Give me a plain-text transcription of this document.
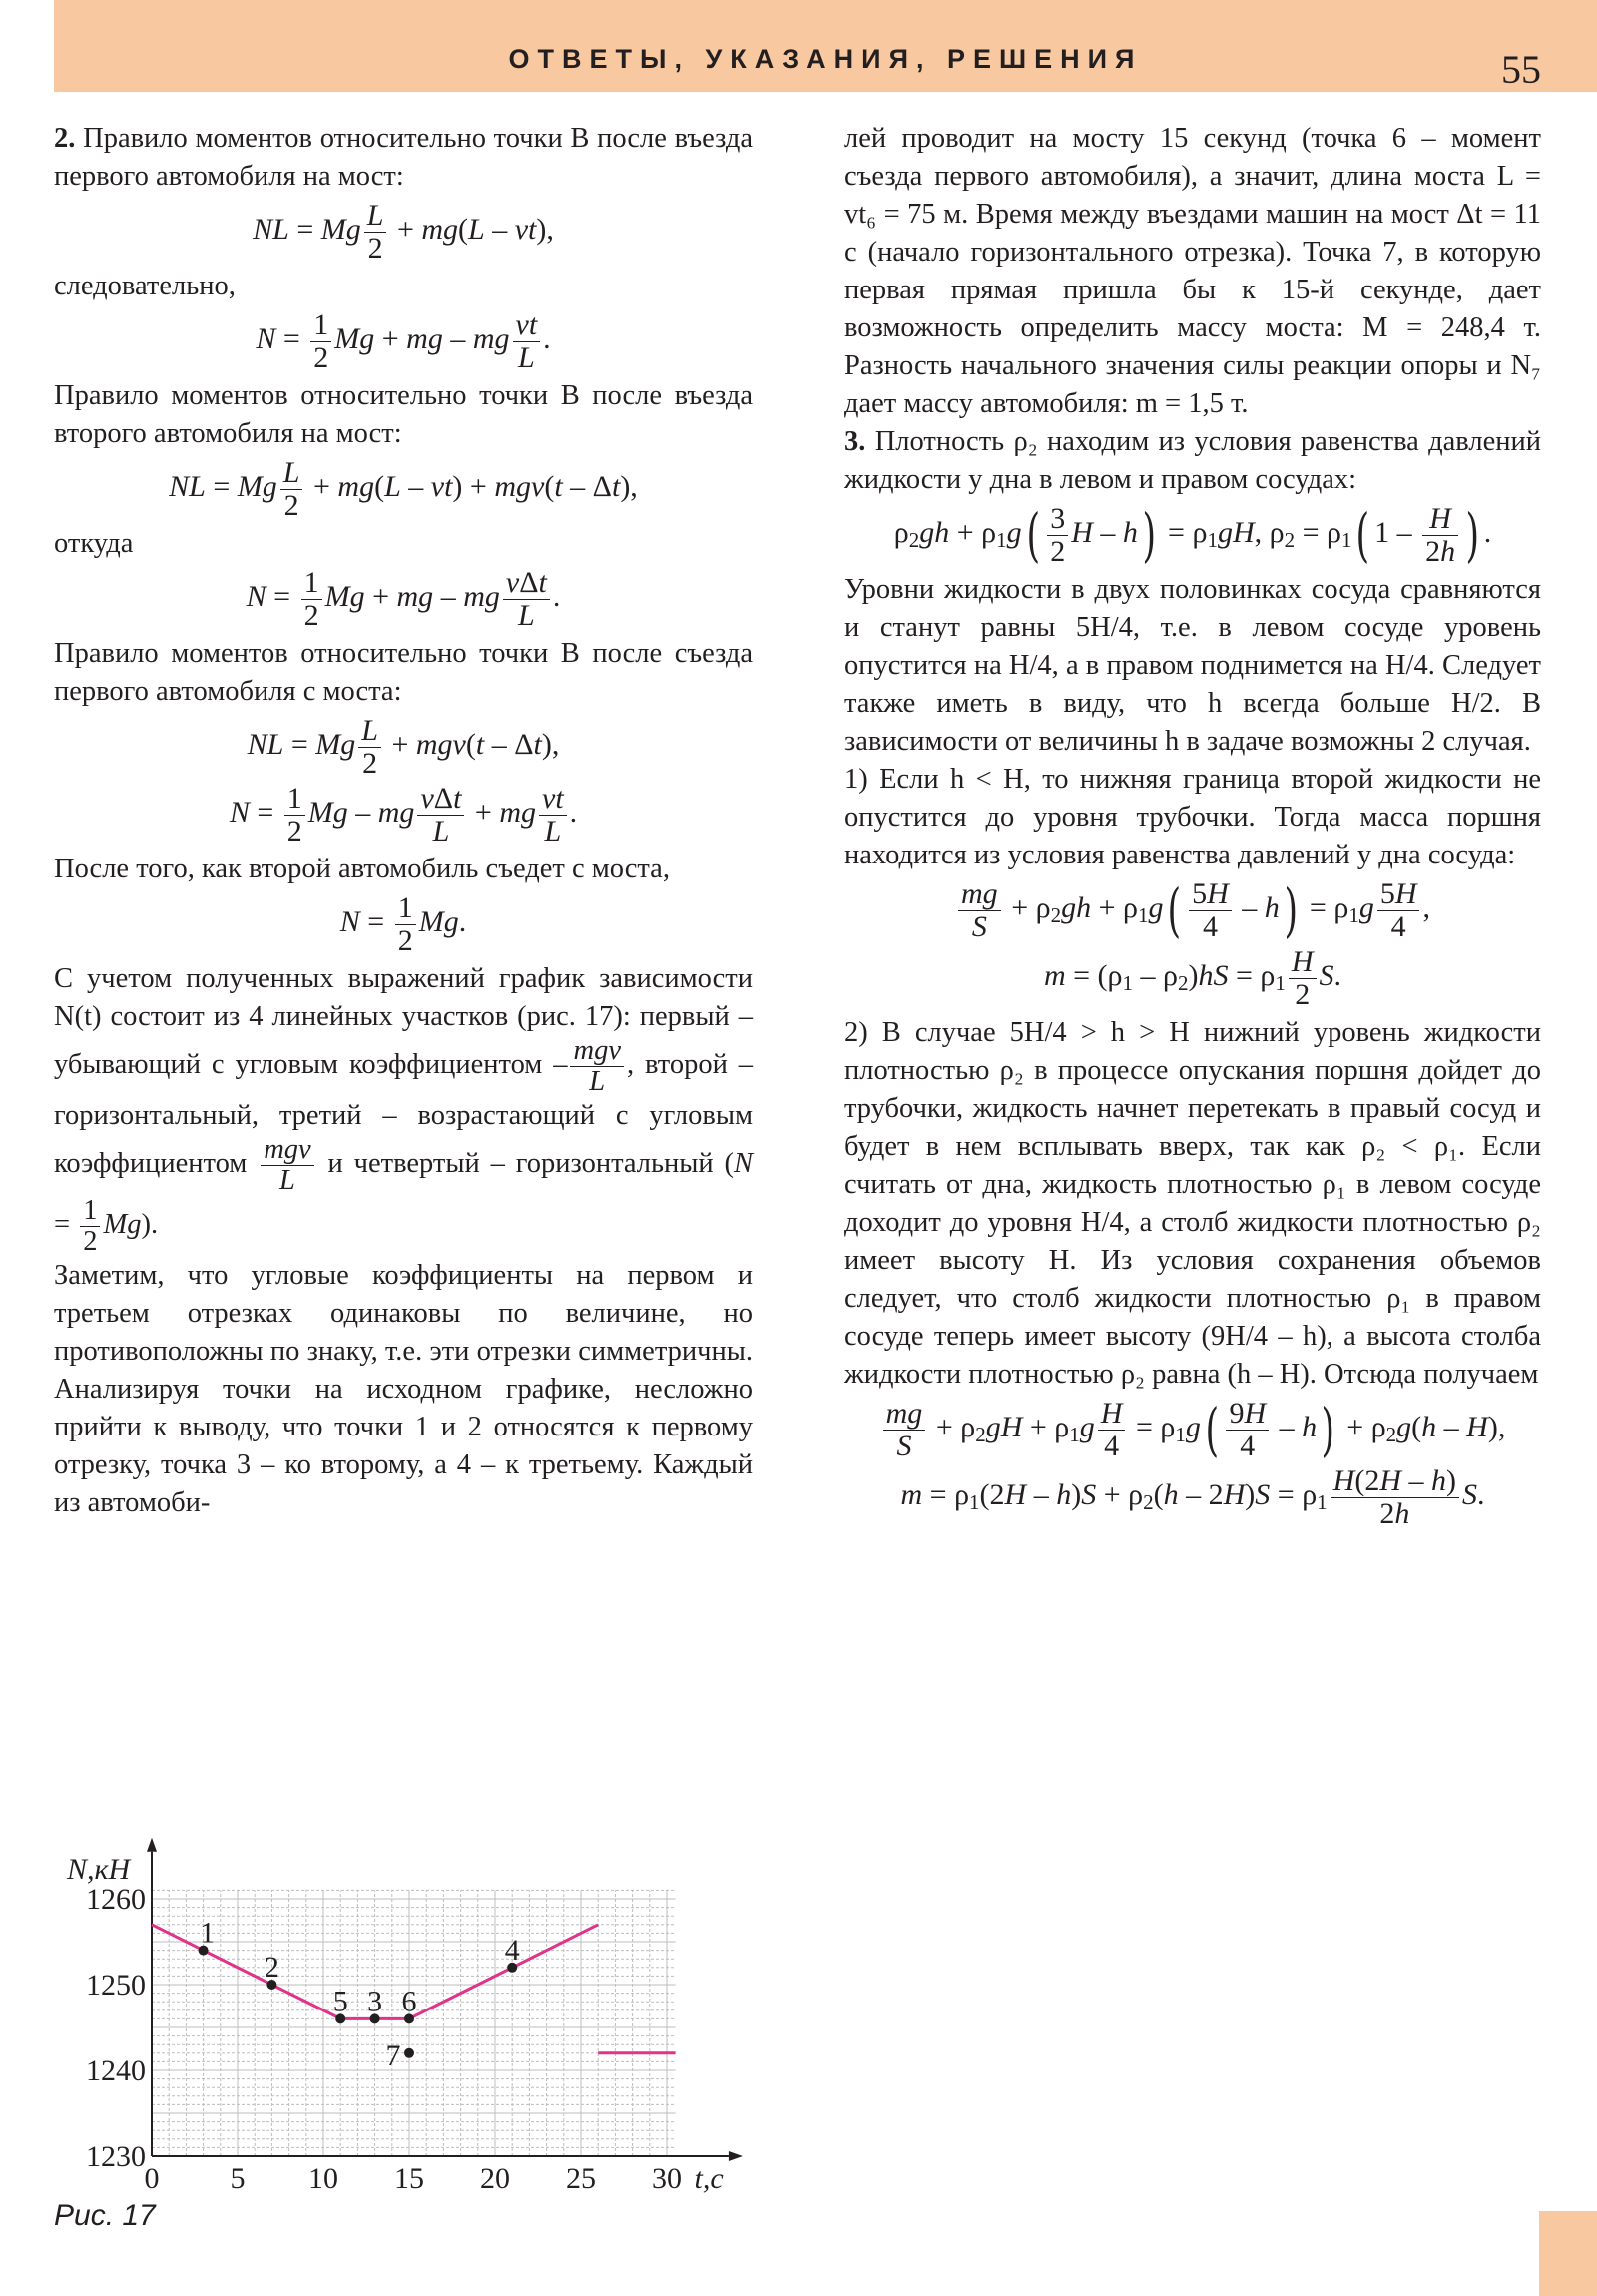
ОТВЕТЫ, УКАЗАНИЯ, РЕШЕНИЯ	55

2. Правило моментов относительно точки B после въезда первого автомобиля на мост:

NL = Mg $\frac{L}{2} + mg(L - vt)$,

следовательно,

$N = \frac{1}{2}$ Mg + mg – mg $\frac{vt}{L}$ .

Правило моментов относительно точки B после въезда второго автомобиля на мост:

NL = Mg $\frac{L}{2} + mg(L - vt) + mgv(t - \Delta t)$,

откуда

$N = \frac{1}{2}$ Mg + mg – mg $\frac{\text{vΔt}}{L}$ .

Правило моментов относительно точки B после съезда первого автомобиля с моста:

NL = Mg $\frac{L}{2} + mgv(t - \Delta t)$,
$N = \frac{1}{2}$ Mg – mg $\frac{\text{vΔt}}{L}$ + mg $\frac{vt}{L}$ .

После того, как второй автомобиль съедет с моста,

$N = \frac{1}{2} Mg$.

С учетом полученных выражений график зависимости N(t) состоит из 4 линейных участков (рис. 17): первый – убывающий с угловым коэффициентом – $\frac{\text{mgv}}{L}$ , второй – горизонтальный, третий – возрастающий с угловым коэффициентом $\frac{\text{mgv}}{L}$ и четвертый – горизонтальный $(N = \frac{1}{2} Mg)$.

Заметим, что угловые коэффициенты на первом и третьем отрезках одинаковы по величине, но противоположны по знаку, т.е. эти отрезки симметричны. Анализируя точки на исходном графике, несложно прийти к выводу, что точки 1 и 2 относятся к первому отрезку, точка 3 – ко второму, а 4 – к третьему. Каждый из автомоби-

0 5 10 15 20 25 30
1230
1240
1250
1260
t,с
N,кН
1
2
5 3 6
7
4
Рис. 17

лей проводит на мосту 15 секунд (точка 6 – момент съезда первого автомобиля), а значит, длина моста L = vt₆ = 75 м. Время между въездами машин на мост Δt = 11 с (начало горизонтального отрезка). Точка 7, в которую первая прямая пришла бы к 15-й секунде, дает возможность определить массу моста: M = 248,4 т. Разность начального значения силы реакции опоры и N₇ дает массу автомобиля: m = 1,5 т.

3. Плотность ρ₂ находим из условия равенства давлений жидкости у дна в левом и правом сосудах:

$\rho_2gh + \rho_1g( \frac{3}{2}$ $H - h) = \rho_1gH$, $\rho_2 = \rho_1$( $1 - \frac{H}{2h}$ ) .

Уровни жидкости в двух половинках сосуда сравняются и станут равны 5H/4, т.е. в левом сосуде уровень опустится на H/4, а в правом поднимется на H/4. Следует также иметь в виду, что h всегда больше H/2. В зависимости от величины h в задаче возможны 2 случая.

1) Если h < H, то нижняя граница второй жидкости не опустится до уровня трубочки. Тогда масса поршня находится из условия равенства давлений у дна сосуда:

$\frac{mg}{S} + \rho_2gh + \rho_1g( \frac{5H}{4} - h) = \rho_1g \frac{5H}{4}$ ,
$m = (\rho_1 - \rho_2)hS = \rho_1 \frac{H}{2} S$.

2) В случае 5H/4 > h > H нижний уровень жидкости плотностью ρ₂ в процессе опускания поршня дойдет до трубочки, жидкость начнет перетекать в правый сосуд и будет в нем всплывать вверх, так как ρ₂ < ρ₁. Если считать от дна, жидкость плотностью ρ₁ в левом сосуде доходит до уровня H/4, а столб жидкости плотностью ρ₂ имеет высоту H. Из условия сохранения объемов следует, что столб жидкости плотностью ρ₁ в правом сосуде теперь имеет высоту (9H/4 – h), а высота столба жидкости плотностью ρ₂ равна (h – H). Отсюда получаем

$\frac{mg}{S} + \rho_2gH + \rho_1g \frac{H}{4} = \rho_1g( \frac{9H}{4} - h) + \rho_2g(h - H)$,
$m = \rho_1(2H - h)S + \rho_2(h - 2H)S = \rho_1 \frac{H(2H - h)}{2h} S$.
